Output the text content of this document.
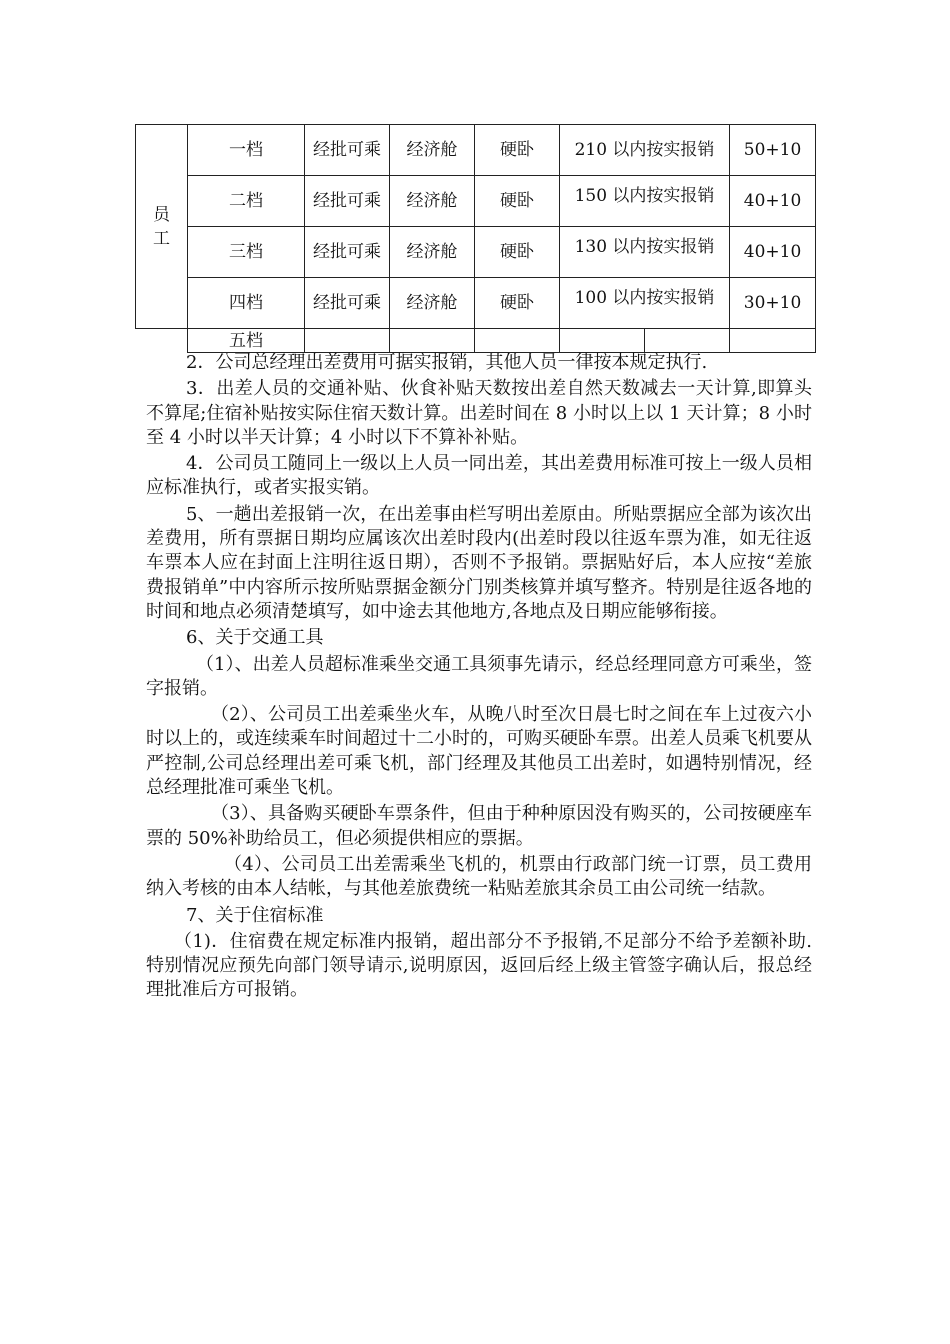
员工	一档	经批可乘	经济舱	硬卧	210 以内按实报销		50+10
	二档	经批可乘	经济舱	硬卧	150 以内按实报销		40+10
	三档	经批可乘	经济舱	硬卧	130 以内按实报销		40+10
	四档	经批可乘	经济舱	硬卧	100 以内按实报销		30+10
	五档						

2．公司总经理出差费用可据实报销，其他人员一律按本规定执行.

3．出差人员的交通补贴、伙食补贴天数按出差自然天数减去一天计算,即算头不算尾;住宿补贴按实际住宿天数计算。出差时间在 8 小时以上以 1 天计算；8 小时至 4 小时以半天计算；4 小时以下不算补补贴。

4．公司员工随同上一级以上人员一同出差，其出差费用标准可按上一级人员相应标准执行，或者实报实销。

5、一趟出差报销一次，在出差事由栏写明出差原由。所贴票据应全部为该次出差费用，所有票据日期均应属该次出差时段内(出差时段以往返车票为准，如无往返车票本人应在封面上注明往返日期），否则不予报销。票据贴好后，本人应按“差旅费报销单”中内容所示按所贴票据金额分门别类核算并填写整齐。特别是往返各地的时间和地点必须清楚填写，如中途去其他地方,各地点及日期应能够衔接。

6、关于交通工具

（1）、出差人员超标准乘坐交通工具须事先请示，经总经理同意方可乘坐，签字报销。

（2）、公司员工出差乘坐火车，从晚八时至次日晨七时之间在车上过夜六小时以上的，或连续乘车时间超过十二小时的，可购买硬卧车票。出差人员乘飞机要从严控制,公司总经理出差可乘飞机，部门经理及其他员工出差时，如遇特别情况，经总经理批准可乘坐飞机。

（3）、具备购买硬卧车票条件，但由于种种原因没有购买的，公司按硬座车票的 50%补助给员工，但必须提供相应的票据。

（4）、公司员工出差需乘坐飞机的，机票由行政部门统一订票，员工费用纳入考核的由本人结帐，与其他差旅费统一粘贴差旅其余员工由公司统一结款。

7、关于住宿标准

（1)．住宿费在规定标准内报销，超出部分不予报销,不足部分不给予差额补助.特别情况应预先向部门领导请示,说明原因，返回后经上级主管签字确认后，报总经理批准后方可报销。
